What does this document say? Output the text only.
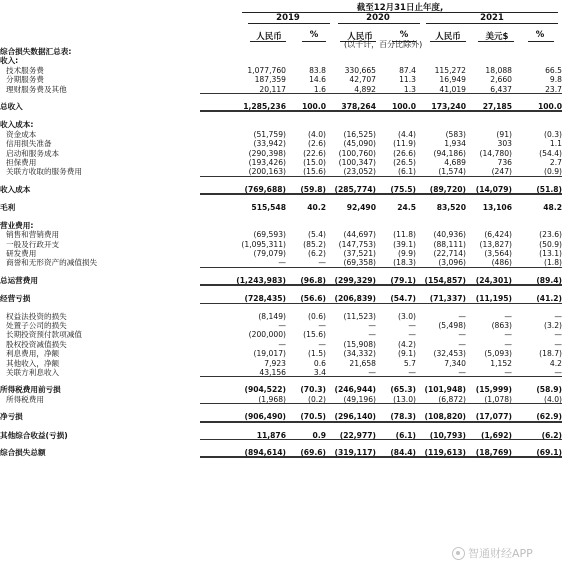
截至12月31日止年度,
2019	2020	2021
人民币	%	人民币	%	人民币	美元$	%
(以千计，百分比除外)
综合损失数据汇总表:							
收入:							
技术服务费	1,077,760	83.8	330,665	87.4	115,272	18,088	66.5
分期服务费	187,359	14.6	42,707	11.3	16,949	2,660	9.8
理财服务费及其他	20,117	1.6	4,892	1.3	41,019	6,437	23.7

总收入	1,285,236	100.0	378,264	100.0	173,240	27,185	100.0

收入成本:							
资金成本	(51,759)	(4.0)	(16,525)	(4.4)	(583)	(91)	(0.3)
信用损失准备	(33,942)	(2.6)	(45,090)	(11.9)	1,934	303	1.1
启动和服务成本	(290,398)	(22.6)	(100,760)	(26.6)	(94,186)	(14,780)	(54.4)
担保费用	(193,426)	(15.0)	(100,347)	(26.5)	4,689	736	2.7
关联方收取的服务费用	(200,163)	(15.6)	(23,052)	(6.1)	(1,574)	(247)	(0.9)

收入成本	(769,688)	(59.8)	(285,774)	(75.5)	(89,720)	(14,079)	(51.8)

毛利	515,548	40.2	92,490	24.5	83,520	13,106	48.2

营业费用:							
销售和营销费用	(69,593)	(5.4)	(44,697)	(11.8)	(40,936)	(6,424)	(23.6)
一般及行政开支	(1,095,311)	(85.2)	(147,753)	(39.1)	(88,111)	(13,827)	(50.9)
研发费用	(79,079)	(6.2)	(37,521)	(9.9)	(22,714)	(3,564)	(13.1)
商誉和无形资产的减值损失	—	—	(69,358)	(18.3)	(3,096)	(486)	(1.8)

总运营费用	(1,243,983)	(96.8)	(299,329)	(79.1)	(154,857)	(24,301)	(89.4)

经营亏损	(728,435)	(56.6)	(206,839)	(54.7)	(71,337)	(11,195)	(41.2)

权益法投资的损失	(8,149)	(0.6)	(11,523)	(3.0)	—	—	—
处置子公司的损失	—	—	—	—	(5,498)	(863)	(3.2)
长期投资预付款项减值	(200,000)	(15.6)	—	—	—	—	—
股权投资减值损失	—	—	(15,908)	(4.2)	—	—	—
利息费用，净额	(19,017)	(1.5)	(34,332)	(9.1)	(32,453)	(5,093)	(18.7)
其他收入，净额	7,923	0.6	21,658	5.7	7,340	1,152	4.2
关联方利息收入	43,156	3.4	—	—	—	—	—

所得税费用前亏损	(904,522)	(70.3)	(246,944)	(65.3)	(101,948)	(15,999)	(58.9)
所得税费用	(1,968)	(0.2)	(49,196)	(13.0)	(6,872)	(1,078)	(4.0)

净亏损	(906,490)	(70.5)	(296,140)	(78.3)	(108,820)	(17,077)	(62.9)

其他综合收益(亏损)	11,876	0.9	(22,977)	(6.1)	(10,793)	(1,692)	(6.2)

综合损失总额	(894,614)	(69.6)	(319,117)	(84.4)	(119,613)	(18,769)	(69.1)
智通财经APP
